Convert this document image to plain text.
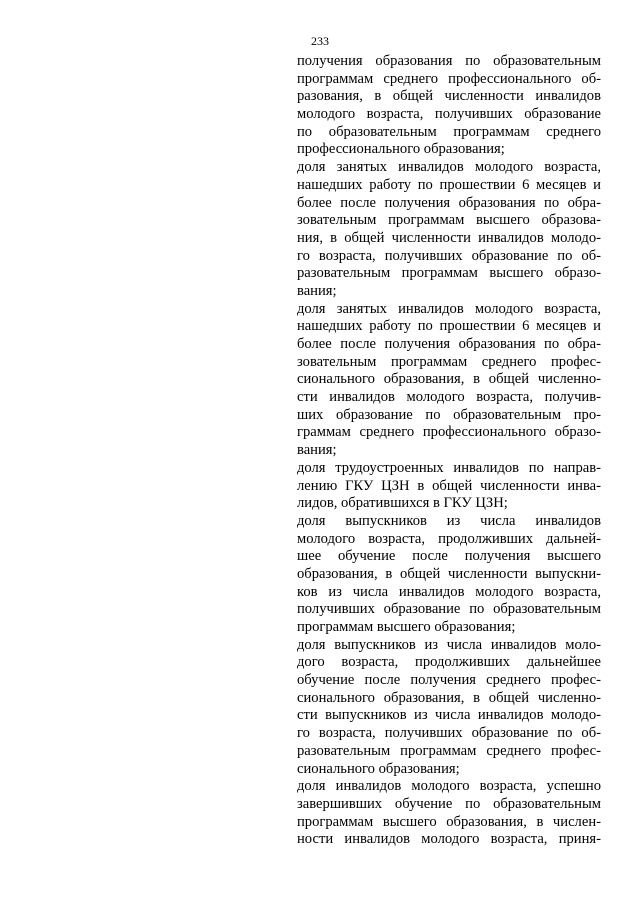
233
получения образования по образовательным
программам среднего профессионального об-
разования, в общей численности инвалидов
молодого возраста, получивших образование
по образовательным программам среднего
профессионального образования;
доля занятых инвалидов молодого возраста,
нашедших работу по прошествии 6 месяцев и
более после получения образования по обра-
зовательным программам высшего образова-
ния, в общей численности инвалидов молодо-
го возраста, получивших образование по об-
разовательным программам высшего образо-
вания;
доля занятых инвалидов молодого возраста,
нашедших работу по прошествии 6 месяцев и
более после получения образования по обра-
зовательным программам среднего профес-
сионального образования, в общей численно-
сти инвалидов молодого возраста, получив-
ших образование по образовательным про-
граммам среднего профессионального образо-
вания;
доля трудоустроенных инвалидов по направ-
лению ГКУ ЦЗН в общей численности инва-
лидов, обратившихся в ГКУ ЦЗН;
доля выпускников из числа инвалидов
молодого возраста, продолживших дальней-
шее обучение после получения высшего
образования, в общей численности выпускни-
ков из числа инвалидов молодого возраста,
получивших образование по образовательным
программам высшего образования;
доля выпускников из числа инвалидов моло-
дого возраста, продолживших дальнейшее
обучение после получения среднего профес-
сионального образования, в общей численно-
сти выпускников из числа инвалидов молодо-
го возраста, получивших образование по об-
разовательным программам среднего профес-
сионального образования;
доля инвалидов молодого возраста, успешно
завершивших обучение по образовательным
программам высшего образования, в числен-
ности инвалидов молодого возраста, приня-
